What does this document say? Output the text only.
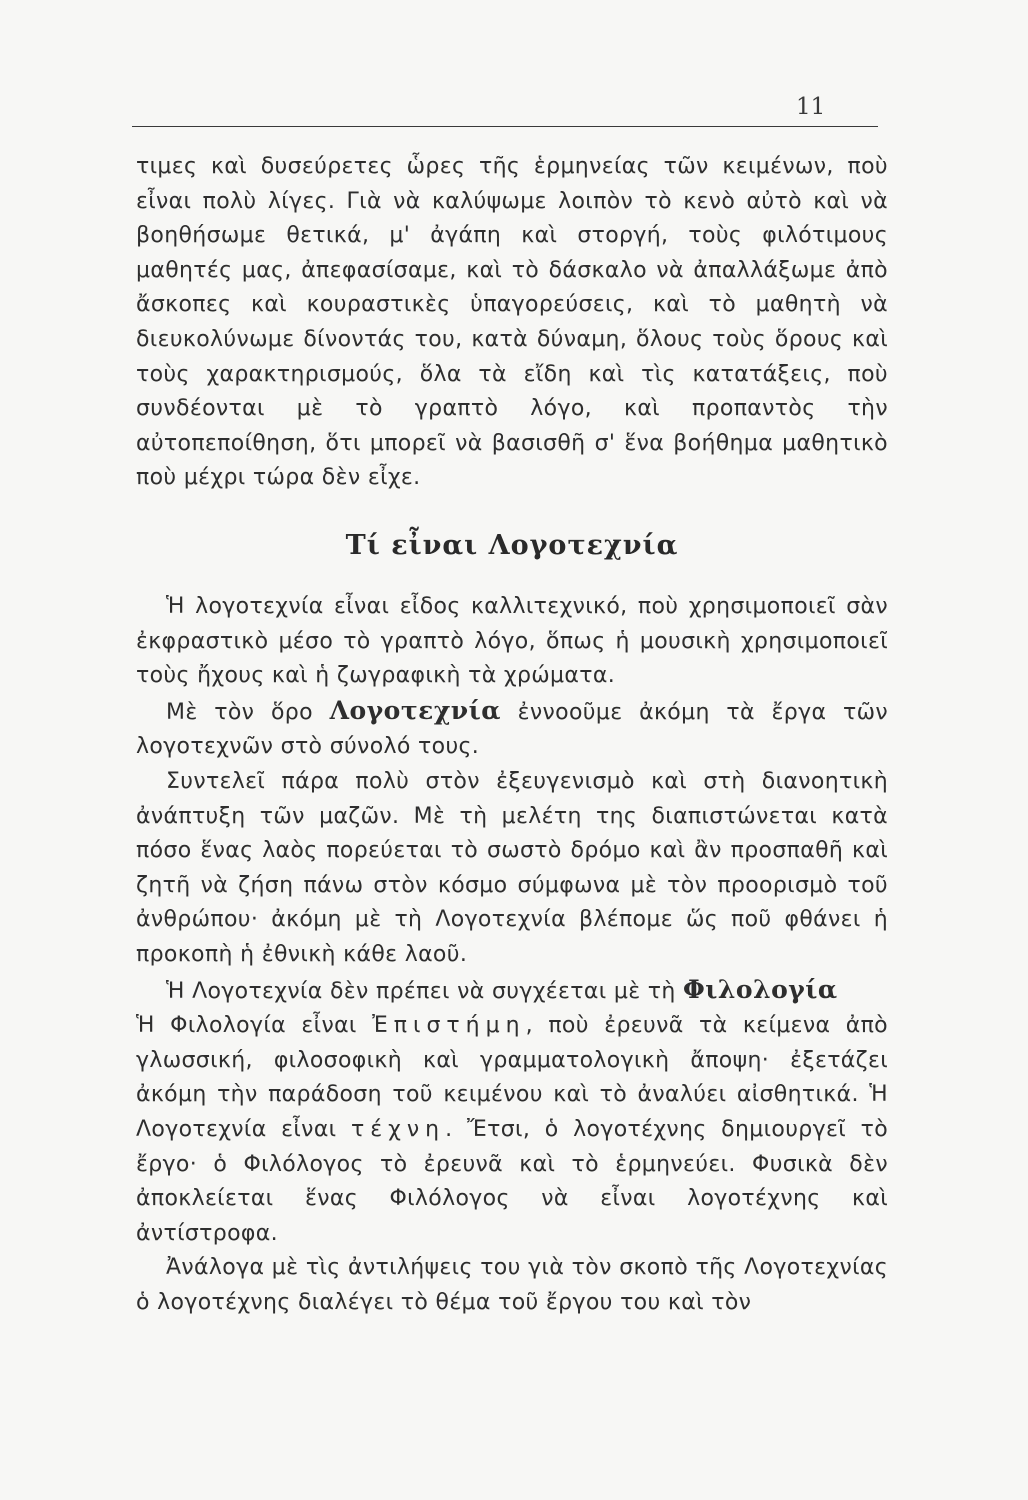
11

τιμες καὶ δυσεύρετες ὧρες τῆς ἑρμηνείας τῶν κειμένων, ποὺ εἶναι πολὺ λίγες. Γιὰ νὰ καλύψωμε λοιπὸν τὸ κενὸ αὐτὸ καὶ νὰ βοηθήσωμε θετικά, μ' ἀγάπη καὶ στοργή, τοὺς φιλότιμους μαθητές μας, ἀπεφασίσαμε, καὶ τὸ δάσκαλο νὰ ἀπαλλάξωμε ἀπὸ ἄσκοπες καὶ κουραστικὲς ὑπαγορεύσεις, καὶ τὸ μαθητὴ νὰ διευκολύνωμε δίνοντάς του, κατὰ δύναμη, ὅλους τοὺς ὅρους καὶ τοὺς χαρακτηρισμούς, ὅλα τὰ εἴδη καὶ τὶς κατατάξεις, ποὺ συνδέονται μὲ τὸ γραπτὸ λόγο, καὶ προπαντὸς τὴν αὐτοπεποίθηση, ὅτι μπορεῖ νὰ βασισθῆ σ' ἕνα βοήθημα μαθητικὸ ποὺ μέχρι τώρα δὲν εἶχε.

Τί εἶναι Λογοτεχνία

Ἡ λογοτεχνία εἶναι εἶδος καλλιτεχνικό, ποὺ χρησιμοποιεῖ σὰν ἐκφραστικὸ μέσο τὸ γραπτὸ λόγο, ὅπως ἡ μουσικὴ χρησιμοποιεῖ τοὺς ἤχους καὶ ἡ ζωγραφικὴ τὰ χρώματα.

Μὲ τὸν ὅρο Λογοτεχνία ἐννοοῦμε ἀκόμη τὰ ἔργα τῶν λογοτεχνῶν στὸ σύνολό τους.

Συντελεῖ πάρα πολὺ στὸν ἐξευγενισμὸ καὶ στὴ διανοητικὴ ἀνάπτυξη τῶν μαζῶν. Μὲ τὴ μελέτη της διαπιστώνεται κατὰ πόσο ἕνας λαὸς πορεύεται τὸ σωστὸ δρόμο καὶ ἂν προσπαθῆ καὶ ζητῆ νὰ ζήση πάνω στὸν κόσμο σύμφωνα μὲ τὸν προορισμὸ τοῦ ἀνθρώπου· ἀκόμη μὲ τὴ Λογοτεχνία βλέπομε ὥς ποῦ φθάνει ἡ προκοπὴ ἡ ἐθνικὴ κάθε λαοῦ.

Ἡ Λογοτεχνία δὲν πρέπει νὰ συγχέεται μὲ τὴ Φιλολογία

Ἡ Φιλολογία εἶναι Ἐπιστήμη, ποὺ ἐρευνᾶ τὰ κείμενα ἀπὸ γλωσσική, φιλοσοφικὴ καὶ γραμματολογικὴ ἄποψη· ἐξετάζει ἀκόμη τὴν παράδοση τοῦ κειμένου καὶ τὸ ἀναλύει αἰσθητικά. Ἡ Λογοτεχνία εἶναι τέχνη. Ἔτσι, ὁ λογοτέχνης δημιουργεῖ τὸ ἔργο· ὁ Φιλόλογος τὸ ἐρευνᾶ καὶ τὸ ἑρμηνεύει. Φυσικὰ δὲν ἀποκλείεται ἕνας Φιλόλογος νὰ εἶναι λογοτέχνης καὶ ἀντίστροφα.

Ἀνάλογα μὲ τὶς ἀντιλήψεις του γιὰ τὸν σκοπὸ τῆς Λογοτεχνίας ὁ λογοτέχνης διαλέγει τὸ θέμα τοῦ ἔργου του καὶ τὸν
